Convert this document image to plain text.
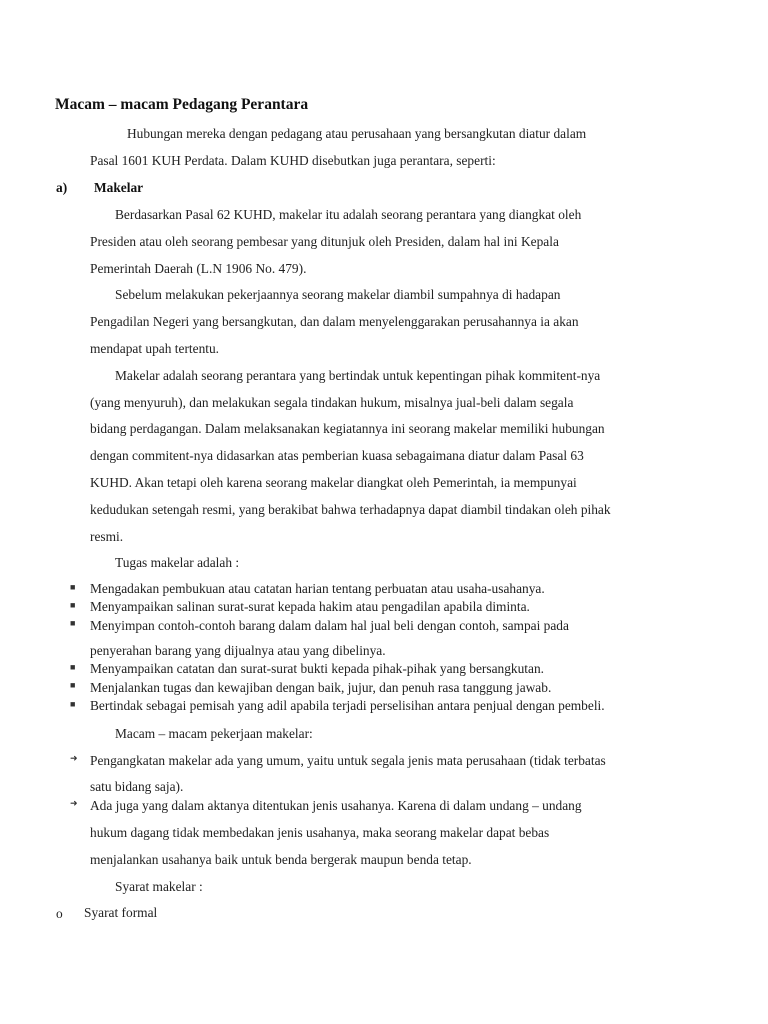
Macam – macam Pedagang Perantara
Hubungan mereka dengan pedagang atau perusahaan yang bersangkutan diatur dalam
Pasal 1601 KUH Perdata. Dalam KUHD disebutkan juga perantara, seperti:
a) Makelar
Berdasarkan Pasal 62 KUHD, makelar itu adalah seorang perantara yang diangkat oleh
Presiden atau oleh seorang pembesar yang ditunjuk oleh Presiden, dalam hal ini Kepala
Pemerintah Daerah (L.N 1906 No. 479).
Sebelum melakukan pekerjaannya seorang makelar diambil sumpahnya di hadapan
Pengadilan Negeri yang bersangkutan, dan dalam menyelenggarakan perusahannya ia akan
mendapat upah tertentu.
Makelar adalah seorang perantara yang bertindak untuk kepentingan pihak kommitent-nya
(yang menyuruh), dan melakukan segala tindakan hukum, misalnya jual-beli dalam segala
bidang perdagangan. Dalam melaksanakan kegiatannya ini seorang makelar memiliki hubungan
dengan commitent-nya didasarkan atas pemberian kuasa sebagaimana diatur dalam Pasal 63
KUHD. Akan tetapi oleh karena seorang makelar diangkat oleh Pemerintah, ia mempunyai
kedudukan setengah resmi, yang berakibat bahwa terhadapnya dapat diambil tindakan oleh pihak
resmi.
Tugas makelar adalah :
■ Mengadakan pembukuan atau catatan harian tentang perbuatan atau usaha-usahanya.
■ Menyampaikan salinan surat-surat kepada hakim atau pengadilan apabila diminta.
■ Menyimpan contoh-contoh barang dalam dalam hal jual beli dengan contoh, sampai pada
penyerahan barang yang dijualnya atau yang dibelinya.
■ Menyampaikan catatan dan surat-surat bukti kepada pihak-pihak yang bersangkutan.
■ Menjalankan tugas dan kewajiban dengan baik, jujur, dan penuh rasa tanggung jawab.
■ Bertindak sebagai pemisah yang adil apabila terjadi perselisihan antara penjual dengan pembeli.
Macam – macam pekerjaan makelar:
➜ Pengangkatan makelar ada yang umum, yaitu untuk segala jenis mata perusahaan (tidak terbatas
satu bidang saja).
➜ Ada juga yang dalam aktanya ditentukan jenis usahanya. Karena di dalam undang – undang
hukum dagang tidak membedakan jenis usahanya, maka seorang makelar dapat bebas
menjalankan usahanya baik untuk benda bergerak maupun benda tetap.
Syarat makelar :
o Syarat formal
